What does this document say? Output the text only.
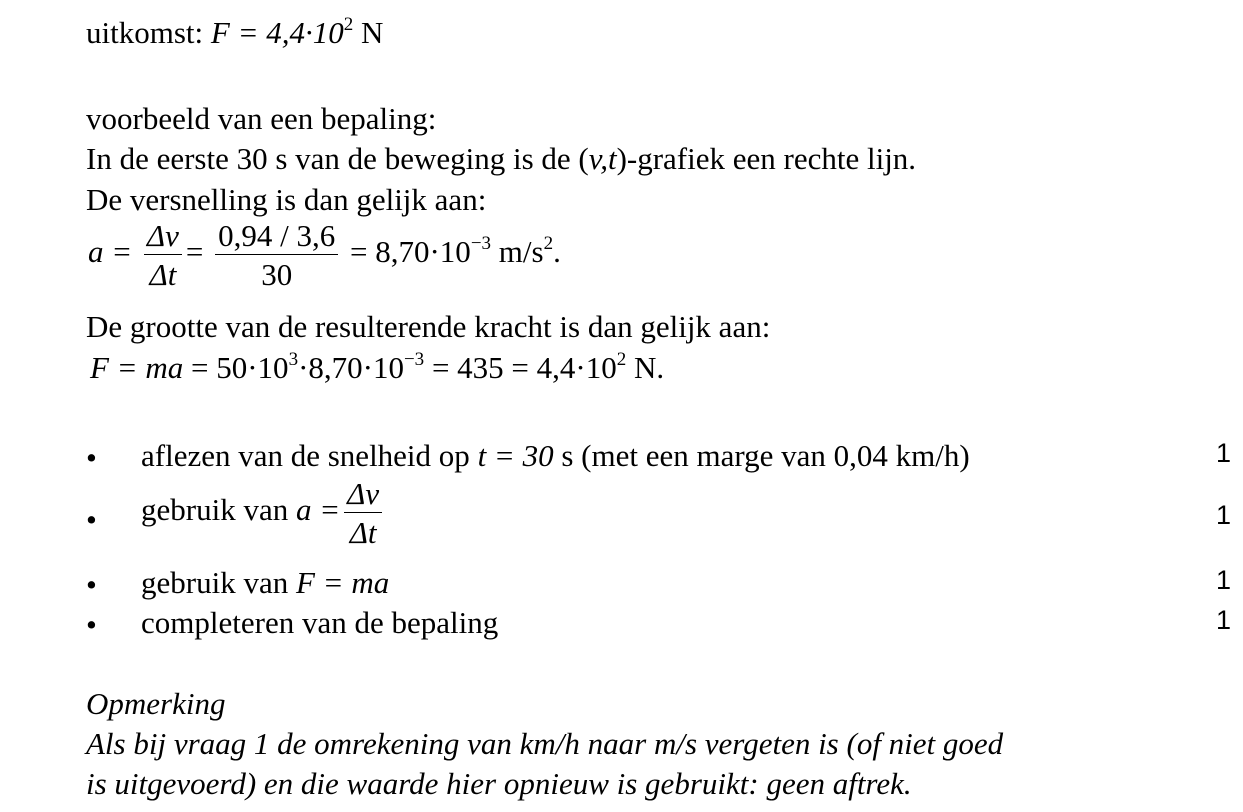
uitkomst: $F = 4,4\cdot 10^2$ N
voorbeeld van een bepaling:
In de eerste 30 s van de beweging is de (v,t)-grafiek een rechte lijn.
De versnelling is dan gelijk aan:
$a = \frac{\Delta v}{\Delta t} = \frac{0,94 / 3,6}{30} = 8,70\cdot 10^{-3}$ $m/s^2$.
De grootte van de resulterende kracht is dan gelijk aan:
F = ma = $50\cdot 10^3\cdot 8,70\cdot 10^{-3} = 435 = 4,4\cdot 10^2$ N.
• aflezen van de snelheid op t = 30 s (met een marge van 0,04 km/h)	1
• gebruik van $a = \frac{\Delta v}{\Delta t}$	1
• gebruik van F = ma	1
• completeren van de bepaling	1
Opmerking
Als bij vraag 1 de omrekening van km/h naar m/s vergeten is (of niet goed
is uitgevoerd) en die waarde hier opnieuw is gebruikt: geen aftrek.
